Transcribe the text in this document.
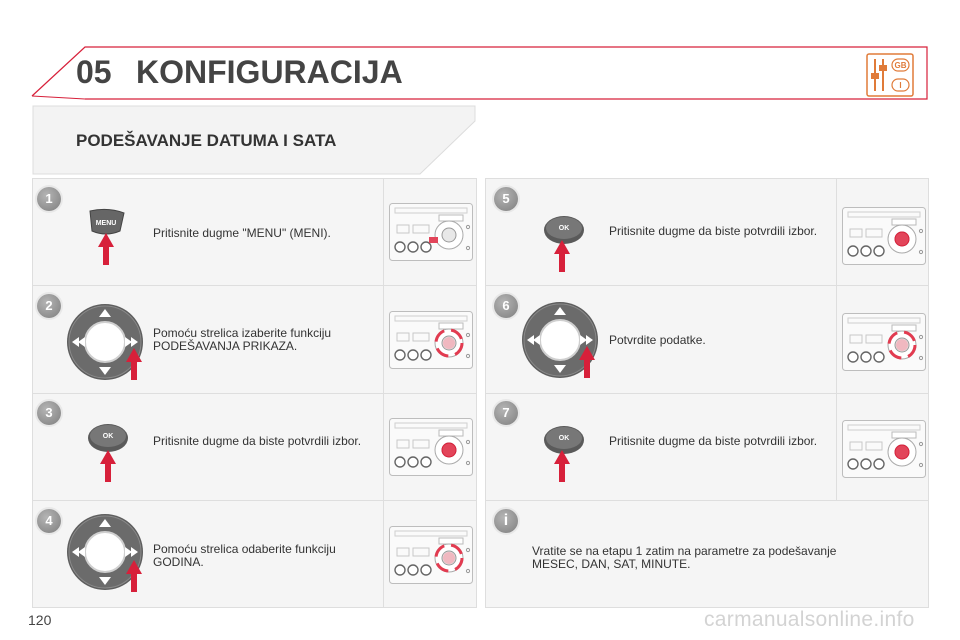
05 KONFIGURACIJA	GB
I
PODEŠAVANJE DATUMA I SATA
1
2
3
4
5
6
7
i
MENU
Pritisnite dugme "MENU" (MENI).
Pomoću strelica izaberite funkciju PODEŠAVANJA PRIKAZA.
OK	Pritisnite dugme da biste potvrdili izbor.
Pomoću strelica odaberite funkciju GODINA.
OK	Pritisnite dugme da biste potvrdili izbor.
Potvrdite podatke.
OK	Pritisnite dugme da biste potvrdili izbor.
Vratite se na etapu 1 zatim na parametre za podešavanje MESEC, DAN, SAT, MINUTE.
120	carmanualsonline.info
